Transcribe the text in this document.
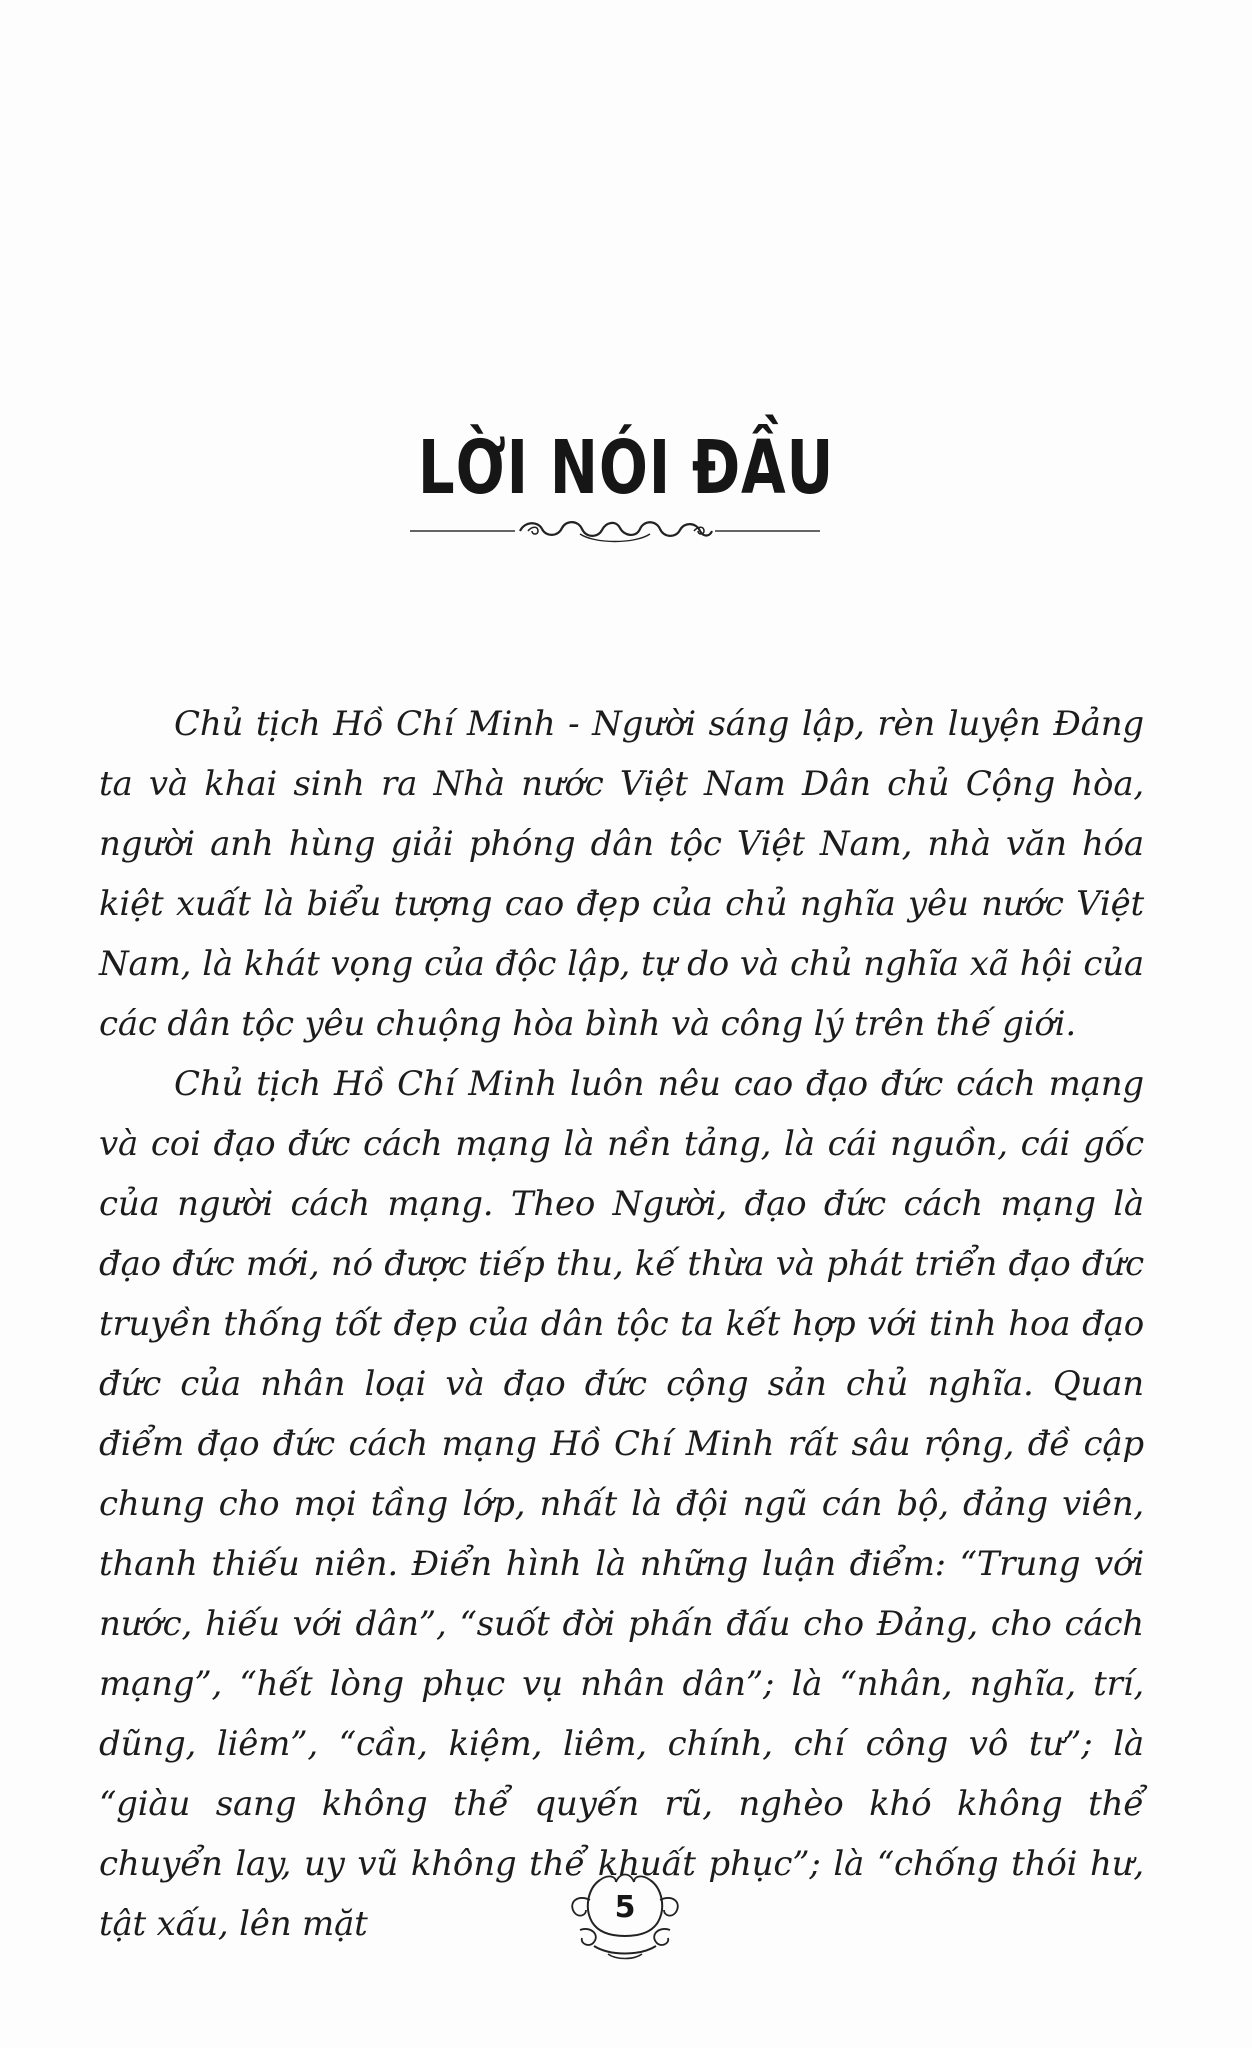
LỜI NÓI ĐẦU

Chủ tịch Hồ Chí Minh - Người sáng lập, rèn luyện Đảng ta và khai sinh ra Nhà nước Việt Nam Dân chủ Cộng hòa, người anh hùng giải phóng dân tộc Việt Nam, nhà văn hóa kiệt xuất là biểu tượng cao đẹp của chủ nghĩa yêu nước Việt Nam, là khát vọng của độc lập, tự do và chủ nghĩa xã hội của các dân tộc yêu chuộng hòa bình và công lý trên thế giới.

Chủ tịch Hồ Chí Minh luôn nêu cao đạo đức cách mạng và coi đạo đức cách mạng là nền tảng, là cái nguồn, cái gốc của người cách mạng. Theo Người, đạo đức cách mạng là đạo đức mới, nó được tiếp thu, kế thừa và phát triển đạo đức truyền thống tốt đẹp của dân tộc ta kết hợp với tinh hoa đạo đức của nhân loại và đạo đức cộng sản chủ nghĩa. Quan điểm đạo đức cách mạng Hồ Chí Minh rất sâu rộng, đề cập chung cho mọi tầng lớp, nhất là đội ngũ cán bộ, đảng viên, thanh thiếu niên. Điển hình là những luận điểm: “Trung với nước, hiếu với dân”, “suốt đời phấn đấu cho Đảng, cho cách mạng”, “hết lòng phục vụ nhân dân”; là “nhân, nghĩa, trí, dũng, liêm”, “cần, kiệm, liêm, chính, chí công vô tư”; là “giàu sang không thể quyến rũ, nghèo khó không thể chuyển lay, uy vũ không thể khuất phục”; là “chống thói hư, tật xấu, lên mặt	5
